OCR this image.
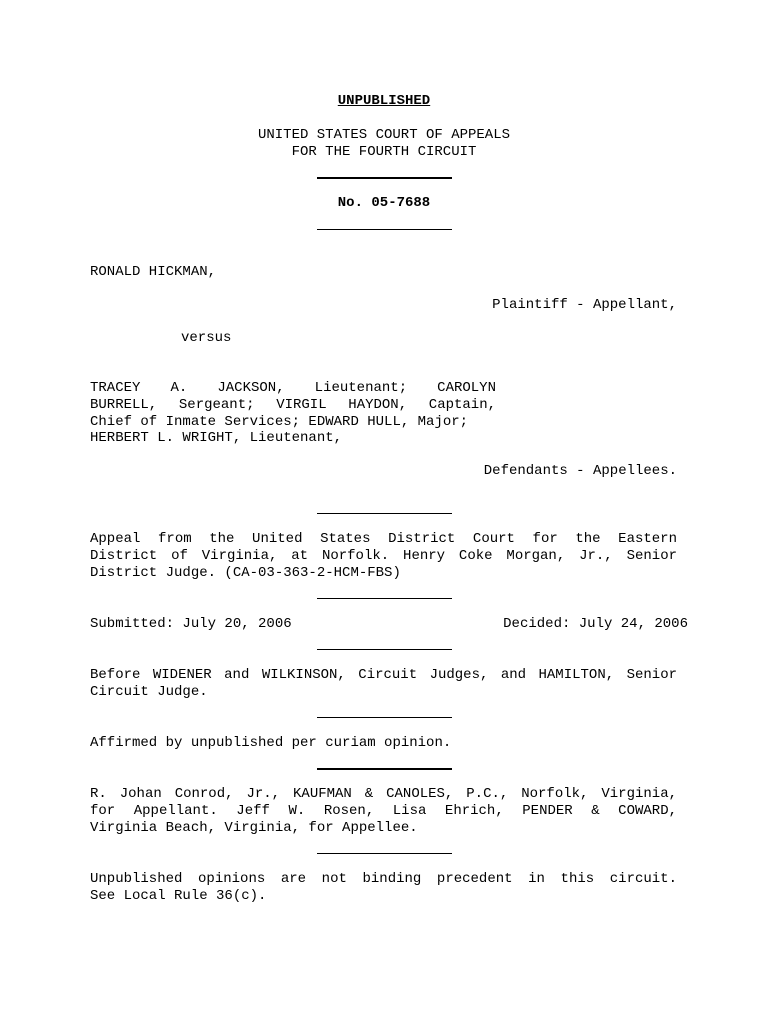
UNPUBLISHED
UNITED STATES COURT OF APPEALS
FOR THE FOURTH CIRCUIT
No. 05-7688
RONALD HICKMAN,
Plaintiff - Appellant,
versus
TRACEY A. JACKSON, Lieutenant; CAROLYN
BURRELL, Sergeant; VIRGIL HAYDON, Captain,
Chief of Inmate Services; EDWARD HULL, Major;
HERBERT L. WRIGHT, Lieutenant,
Defendants - Appellees.
Appeal from the United States District Court for the Eastern
District of Virginia, at Norfolk. Henry Coke Morgan, Jr., Senior
District Judge. (CA-03-363-2-HCM-FBS)
Submitted: July 20, 2006	Decided: July 24, 2006
Before WIDENER and WILKINSON, Circuit Judges, and HAMILTON, Senior
Circuit Judge.
Affirmed by unpublished per curiam opinion.
R. Johan Conrod, Jr., KAUFMAN & CANOLES, P.C., Norfolk, Virginia,
for Appellant. Jeff W. Rosen, Lisa Ehrich, PENDER & COWARD,
Virginia Beach, Virginia, for Appellee.
Unpublished opinions are not binding precedent in this circuit.
See Local Rule 36(c).
